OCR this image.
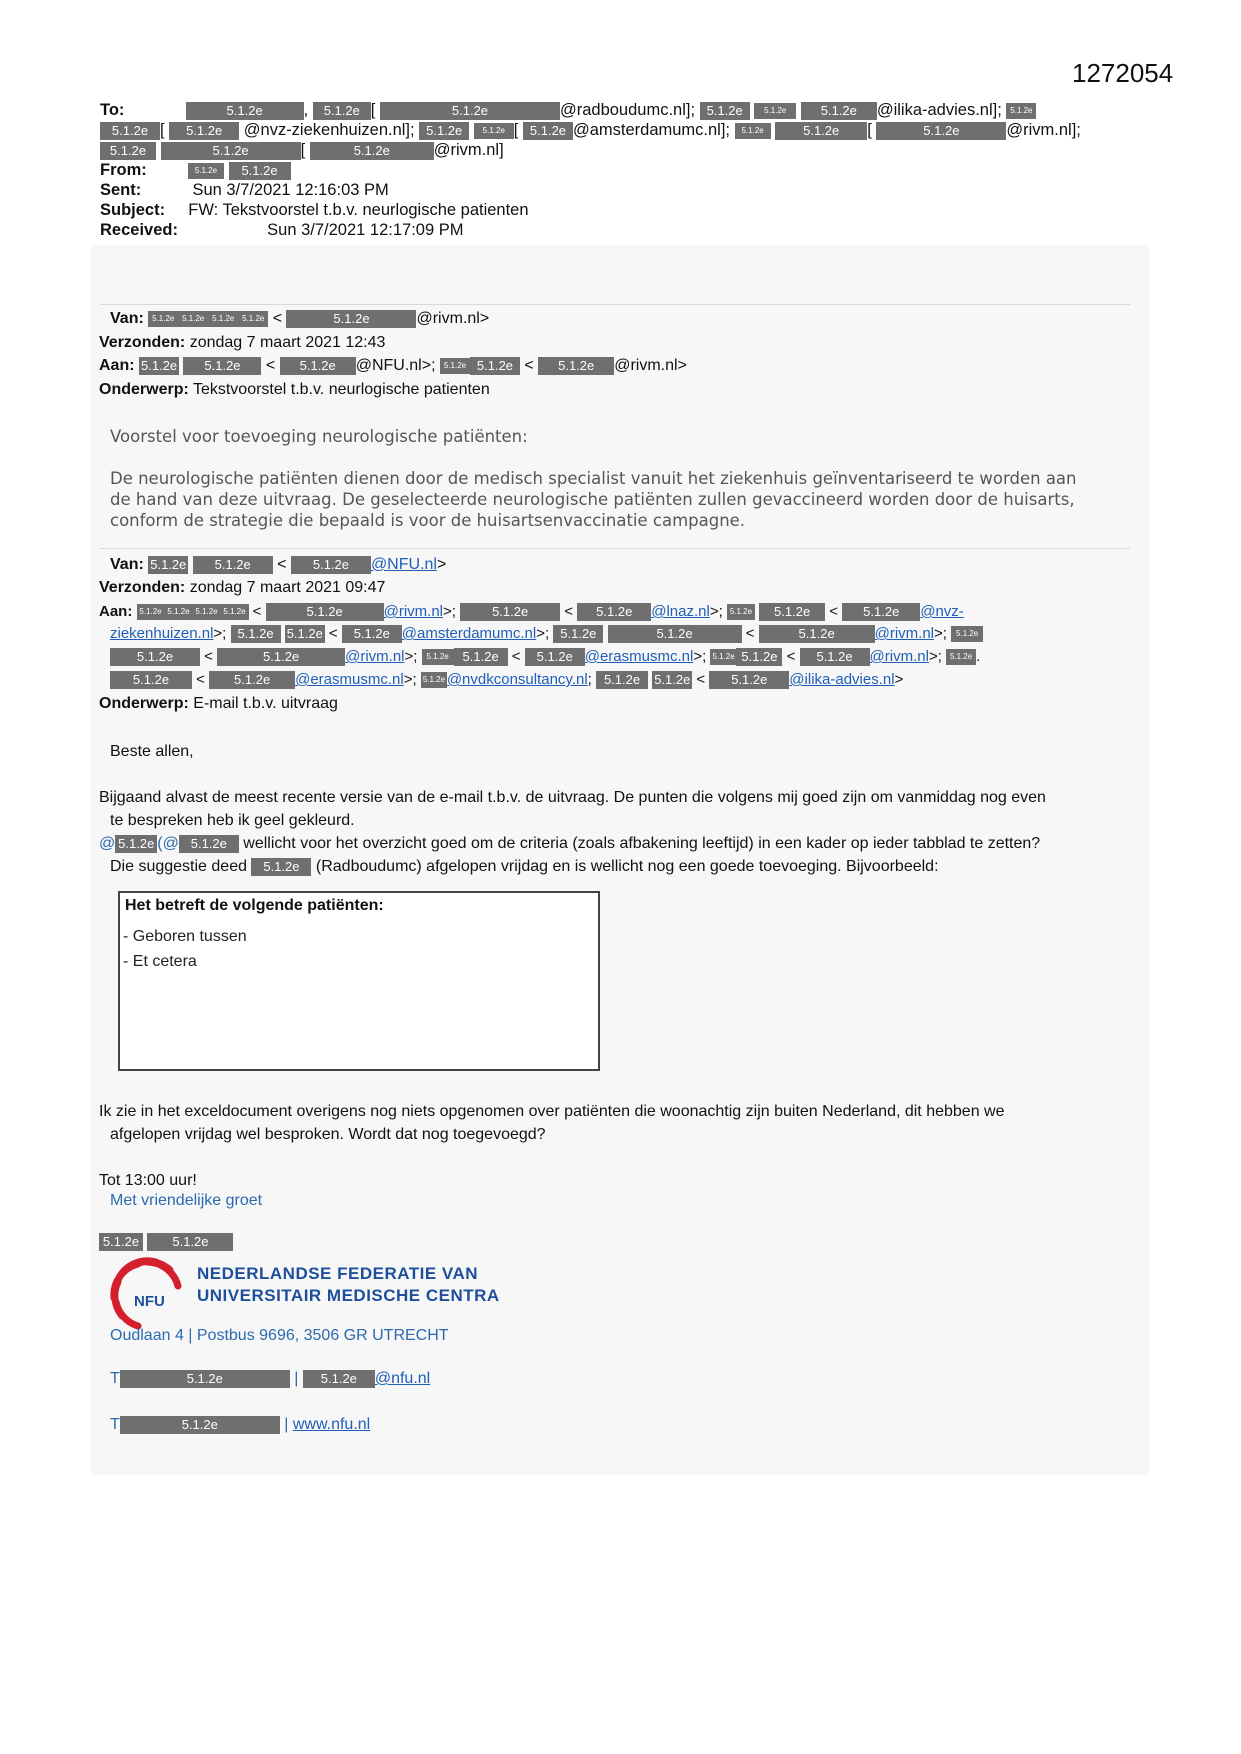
1272054
To:	5.1.2e , 5.1.2e [	5.1.2e	@radboudumc.nl]; 5.1.2e	5.1.2e	5.1.2e @ilika-advies.nl]; 5.1.2e
5.1.2e [ 5.1.2e @nvz-ziekenhuizen.nl]; 5.1.2e	5.1.2e [ 5.1.2e @amsterdamumc.nl]; 5.1.2e	5.1.2e [	5.1.2e	@rivm.nl];
5.1.2e	5.1.2e	[	5.1.2e	@rivm.nl]
From:	5.1.2e 5.1.2e
Sent:	Sun 3/7/2021 12:16:03 PM
Subject: FW: Tekstvoorstel t.b.v. neurlogische patienten
Received:	Sun 3/7/2021 12:17:09 PM
Van: 5.1.2e 5.1.2e 5.1.2e 5.1.2e <	5.1.2e	@rivm.nl>
Verzonden: zondag 7 maart 2021 12:43
Aan: 5.1.2e 5.1.2e < 5.1.2e @NFU.nl>; 5.1.2e 5.1.2e < 5.1.2e @rivm.nl>
Onderwerp: Tekstvoorstel t.b.v. neurlogische patienten
Voorstel voor toevoeging neurologische patiënten:
De neurologische patiënten dienen door de medisch specialist vanuit het ziekenhuis geïnventariseerd te worden aan
de hand van deze uitvraag. De geselecteerde neurologische patiënten zullen gevaccineerd worden door de huisarts,
conform de strategie die bepaald is voor de huisartsenvaccinatie campagne.
Van: 5.1.2e 5.1.2e < 5.1.2e @NFU.nl>
Verzonden: zondag 7 maart 2021 09:47
Aan: 5.1.2e 5.1.2e 5.1.2e 5.1.2e <	5.1.2e	@rivm.nl>; 5.1.2e < 5.1.2e @lnaz.nl>; 5.1.2e 5.1.2e < 5.1.2e @nvz-
ziekenhuizen.nl>; 5.1.2e 5.1.2e < 5.1.2e @amsterdamumc.nl>; 5.1.2e	5.1.2e	<	5.1.2e	@rivm.nl>; 5.1.2e
5.1.2e <	5.1.2e	@rivm.nl>; 5.1.2e 5.1.2e < 5.1.2e @erasmusmc.nl>; 5.1.2e 5.1.2e < 5.1.2e @rivm.nl>; 5.1.2e .
5.1.2e < 5.1.2e @erasmusmc.nl>; 5.1.2e @nvdkconsultancy.nl; 5.1.2e 5.1.2e < 5.1.2e @ilika-advies.nl>
Onderwerp: E-mail t.b.v. uitvraag
Beste allen,
Bijgaand alvast de meest recente versie van de e-mail t.b.v. de uitvraag. De punten die volgens mij goed zijn om vanmiddag nog even
te bespreken heb ik geel gekleurd.
@ 5.1.2e (@ 5.1.2e wellicht voor het overzicht goed om de criteria (zoals afbakening leeftijd) in een kader op ieder tabblad te zetten?
Die suggestie deed 5.1.2e (Radboudumc) afgelopen vrijdag en is wellicht nog een goede toevoeging. Bijvoorbeeld:
Het betreft de volgende patiënten:
- Geboren tussen
- Et cetera
Ik zie in het exceldocument overigens nog niets opgenomen over patiënten die woonachtig zijn buiten Nederland, dit hebben we
afgelopen vrijdag wel besproken. Wordt dat nog toegevoegd?
Tot 13:00 uur!
Met vriendelijke groet
5.1.2e	5.1.2e
NFU
NEDERLANDSE FEDERATIE VAN
UNIVERSITAIR MEDISCHE CENTRA
Oudlaan 4 | Postbus 9696, 3506 GR UTRECHT
T	5.1.2e	| 5.1.2e @nfu.nl
T	5.1.2e	| www.nfu.nl
